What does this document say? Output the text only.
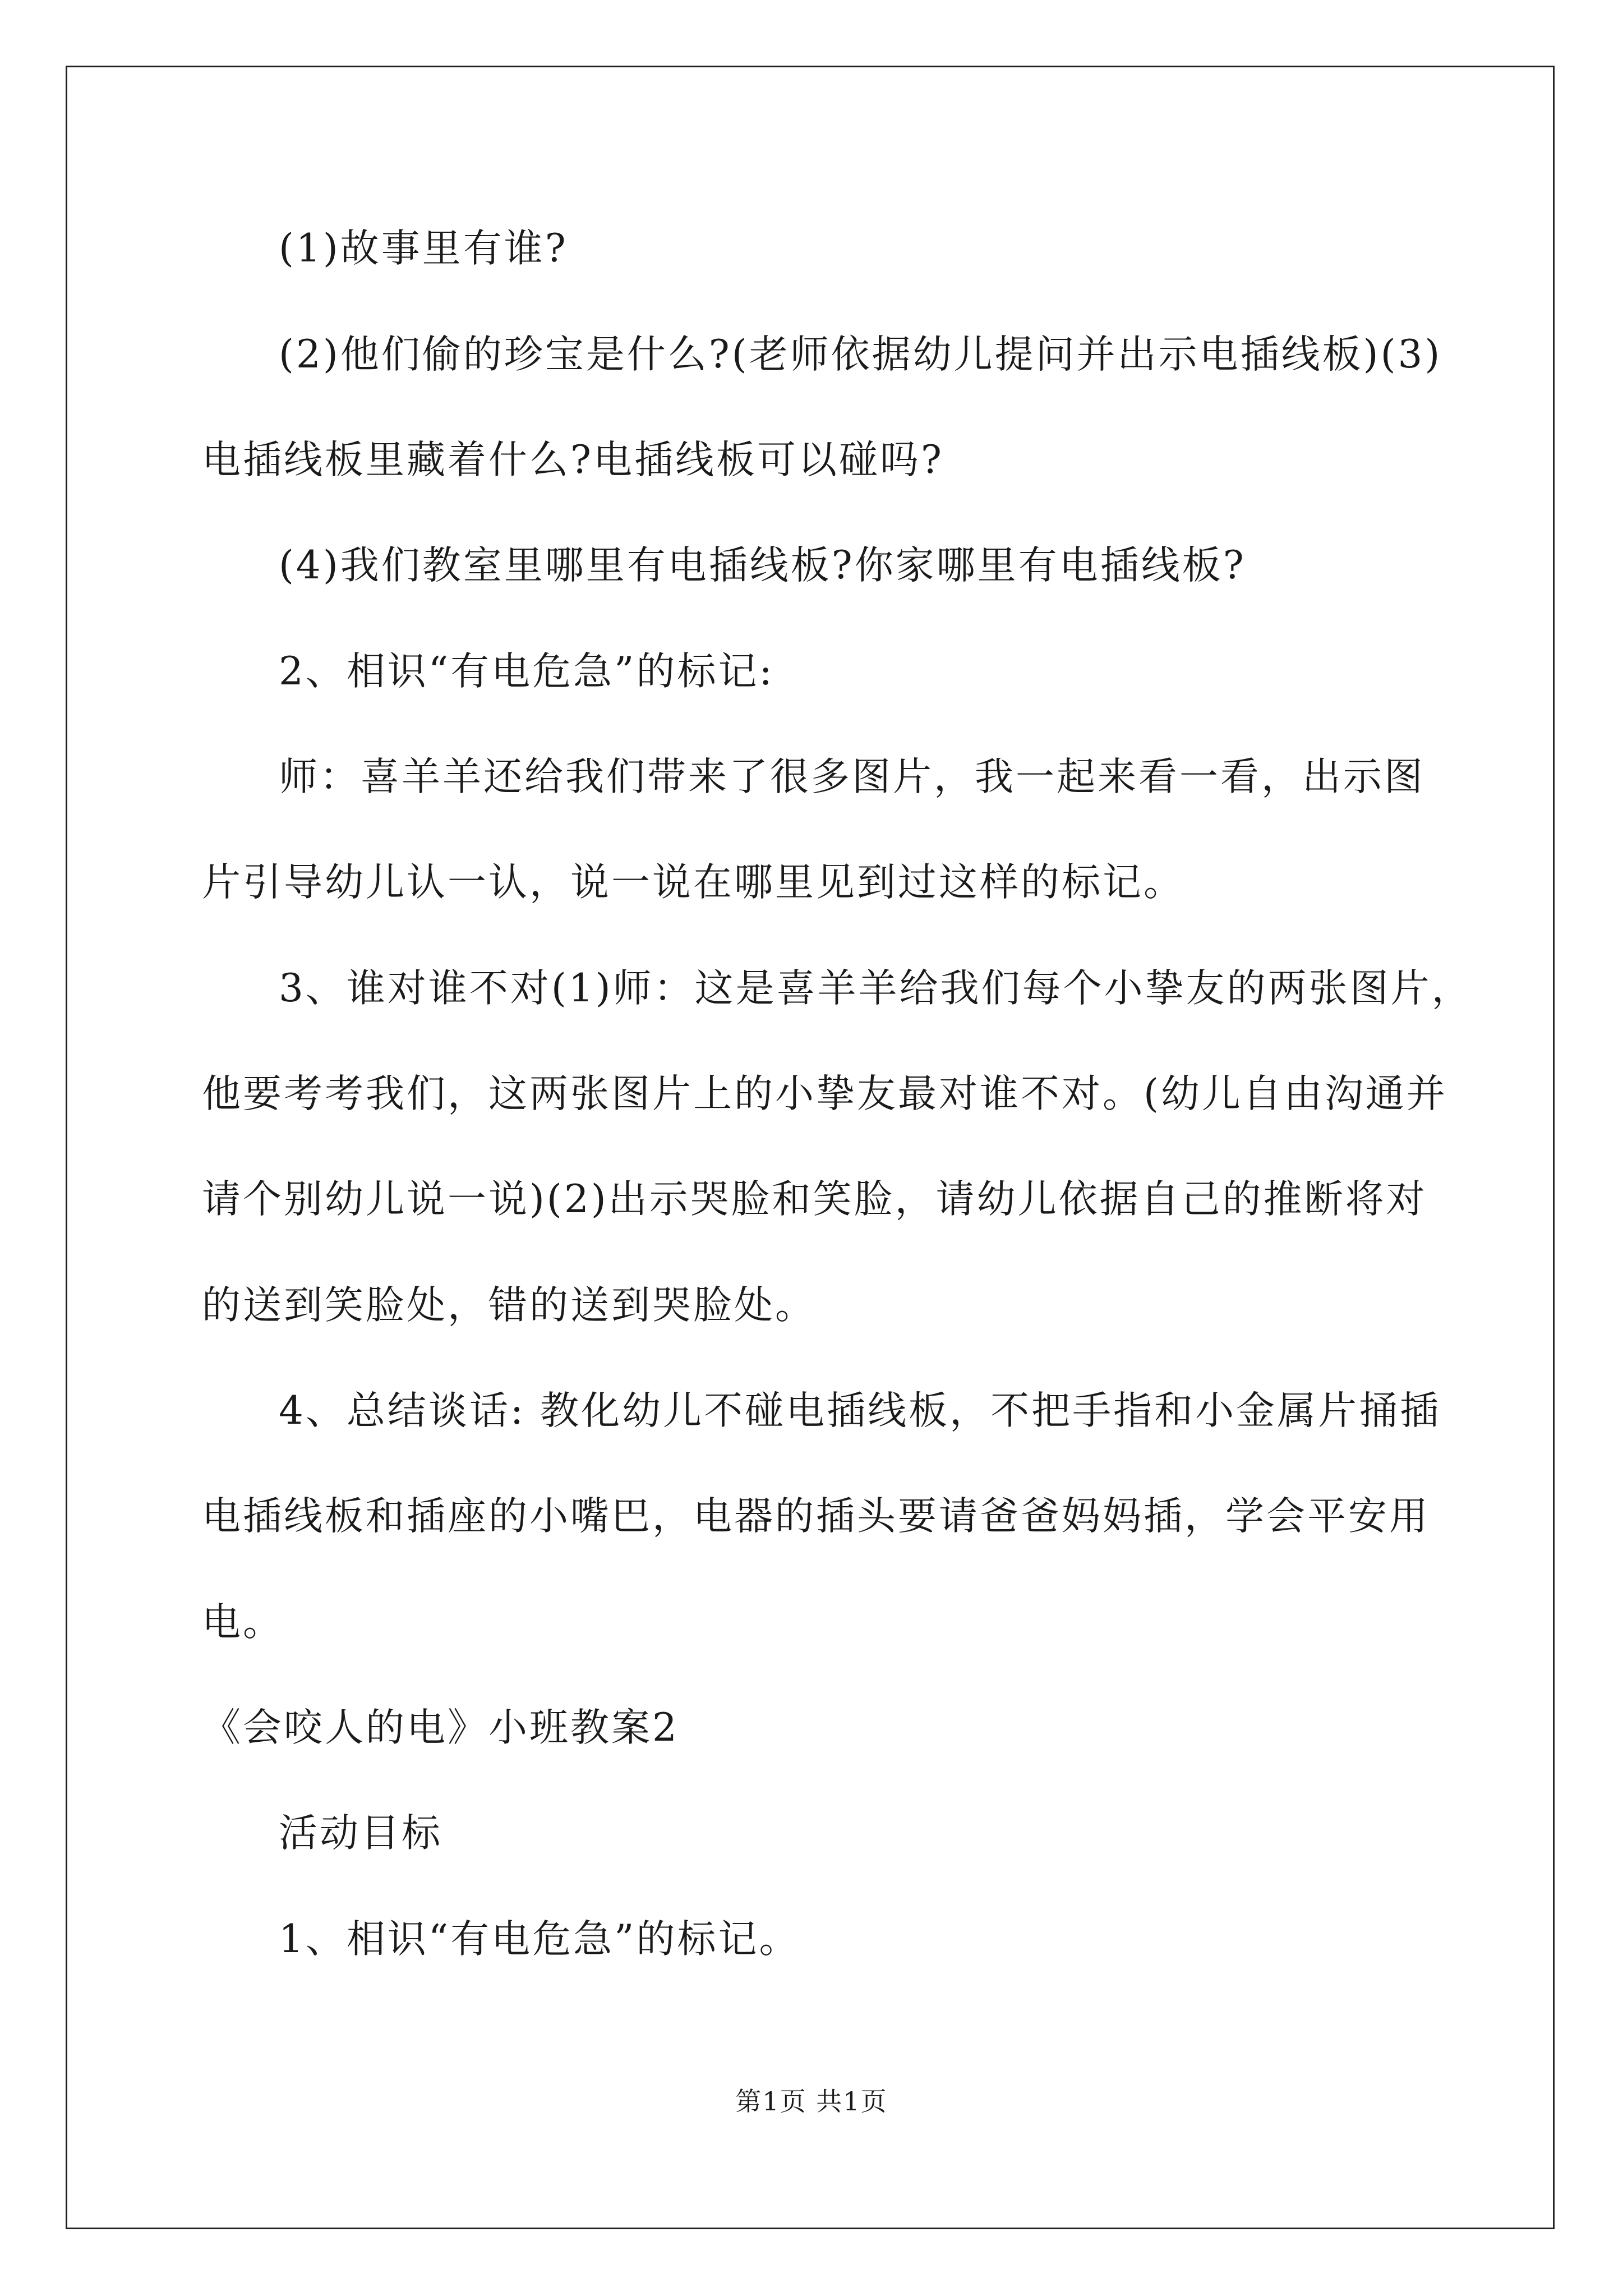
(1)故事里有谁?
(2)他们偷的珍宝是什么?(老师依据幼儿提问并出示电插线板)(3)
电插线板里藏着什么?电插线板可以碰吗?
(4)我们教室里哪里有电插线板?你家哪里有电插线板?
2、相识“有电危急”的标记:
师：喜羊羊还给我们带来了很多图片，我一起来看一看，出示图
片引导幼儿认一认，说一说在哪里见到过这样的标记。
3、谁对谁不对(1)师：这是喜羊羊给我们每个小挚友的两张图片，
他要考考我们，这两张图片上的小挚友最对谁不对。(幼儿自由沟通并
请个别幼儿说一说)(2)出示哭脸和笑脸，请幼儿依据自己的推断将对
的送到笑脸处，错的送到哭脸处。
4、总结谈话: 教化幼儿不碰电插线板，不把手指和小金属片捅插
电插线板和插座的小嘴巴，电器的插头要请爸爸妈妈插，学会平安用
电。
《会咬人的电》小班教案2
活动目标
1、相识“有电危急”的标记。
第1页 共1页
